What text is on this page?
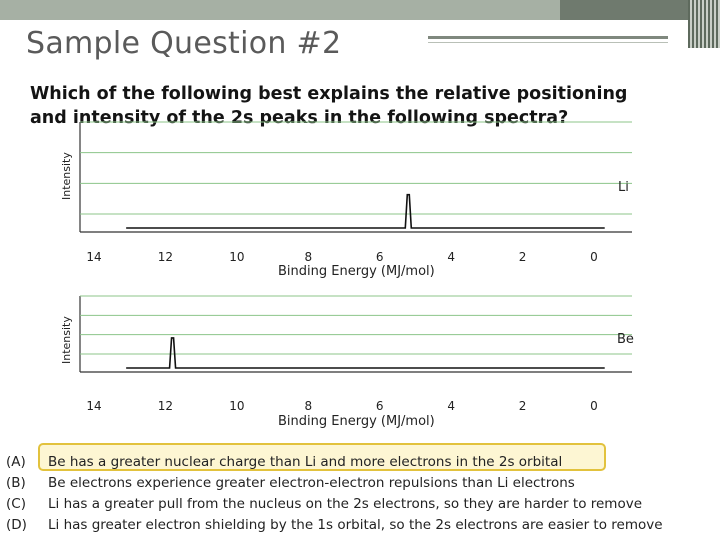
Sample Question #2
Which of the following best explains the relative positioning and intensity of the 2s peaks in the following spectra?
Intensity	Li
14	12	10	8	6	4	2	0
Binding Energy (MJ/mol)
Intensity	Be
14	12	10	8	6	4	2	0
Binding Energy (MJ/mol)
(A) Be has a greater nuclear charge than Li and more electrons in the 2s orbital
(B) Be electrons experience greater electron-electron repulsions than Li electrons
(C) Li has a greater pull from the nucleus on the 2s electrons, so they are harder to remove
(D) Li has greater electron shielding by the 1s orbital, so the 2s electrons are easier to remove
